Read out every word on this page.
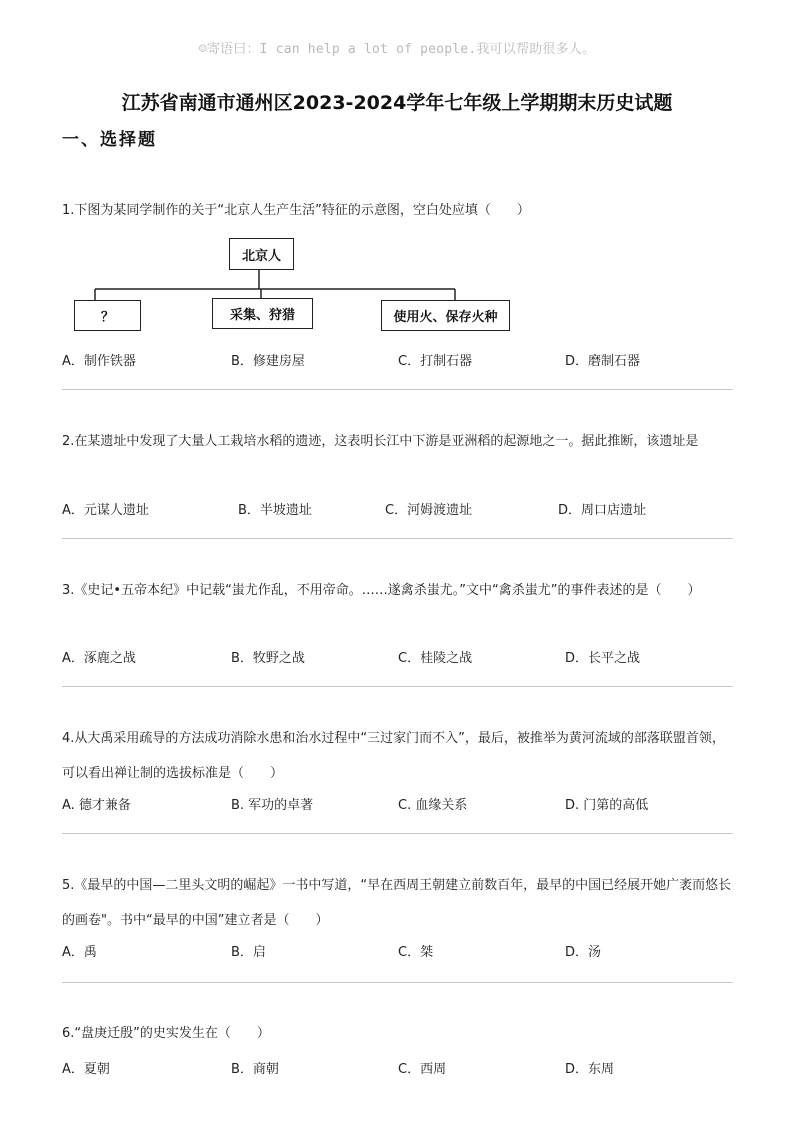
☺寄语曰：I can help a lot of people.我可以帮助很多人。
江苏省南通市通州区2023-2024学年七年级上学期期末历史试题
一、选择题
1.下图为某同学制作的关于“北京人生产生活”特征的示意图，空白处应填（　　）
北京人
？	采集、狩猎	使用火、保存火种
A．制作铁器	B．修建房屋	C．打制石器	D．磨制石器
2.在某遗址中发现了大量人工栽培水稻的遗迹，这表明长江中下游是亚洲稻的起源地之一。据此推断，该遗址是
A．元谋人遗址	B．半坡遗址	C．河姆渡遗址	D．周口店遗址
3.《史记•五帝本纪》中记载“蚩尤作乱，不用帝命。……遂禽杀蚩尤。”文中“禽杀蚩尤”的事件表述的是（　　）
A．涿鹿之战	B．牧野之战	C．桂陵之战	D．长平之战
4.从大禹采用疏导的方法成功消除水患和治水过程中“三过家门而不入”，最后，被推举为黄河流域的部落联盟首领，可以看出禅让制的选拔标准是（　　）
A. 德才兼备	B. 军功的卓著	C. 血缘关系	D. 门第的高低
5.《最早的中国—二里头文明的崛起》一书中写道，“早在西周王朝建立前数百年，最早的中国已经展开她广袤而悠长的画卷"。书中“最早的中国”建立者是（　　）
A．禹	B．启	C．桀	D．汤
6.“盘庚迁殷”的史实发生在（　　）
A．夏朝	B．商朝	C．西周	D．东周
